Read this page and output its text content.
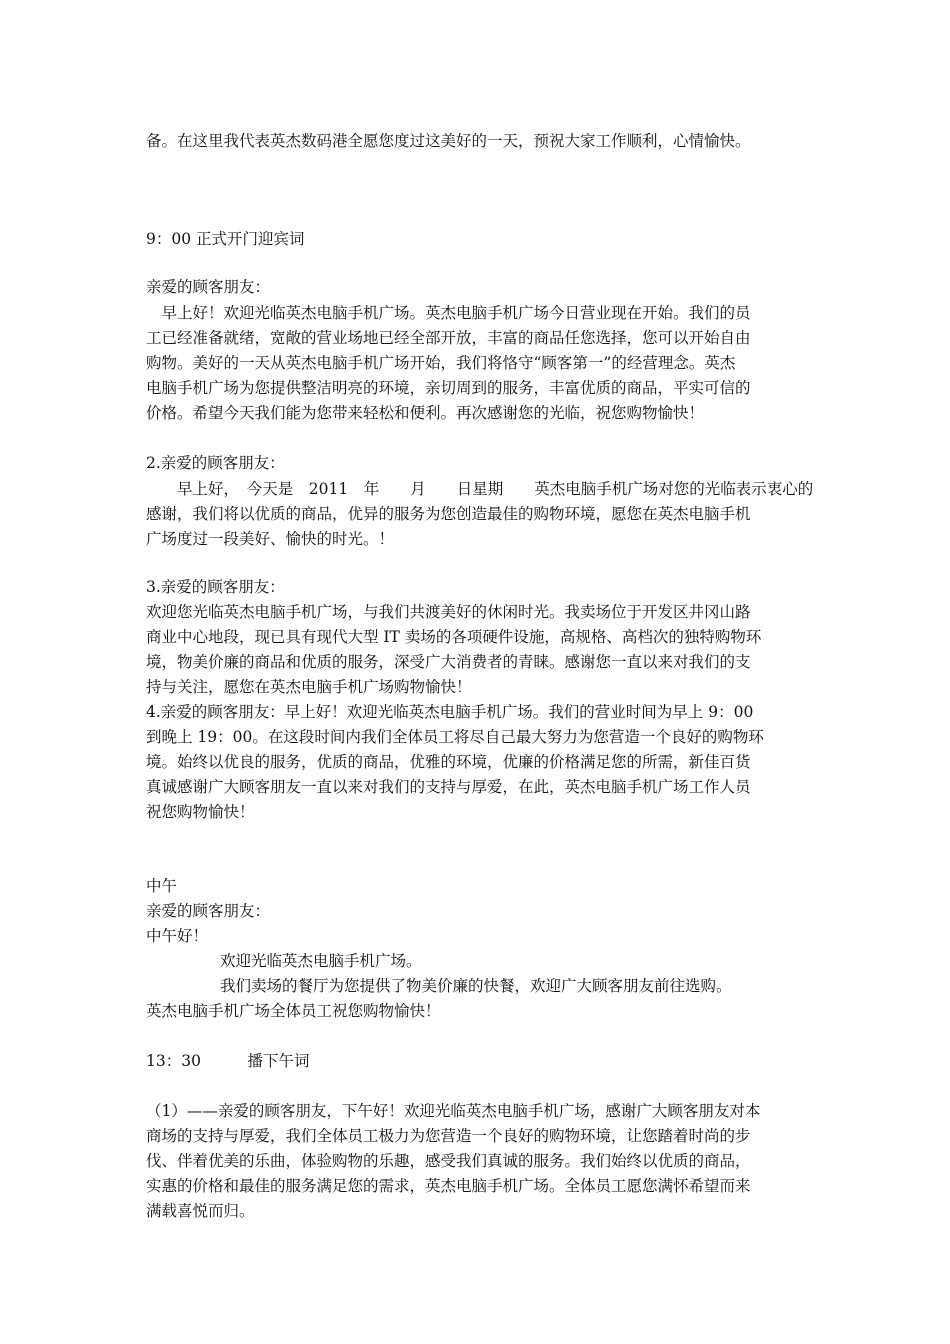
备。在这里我代表英杰数码港全愿您度过这美好的一天，预祝大家工作顺利，心情愉快。
9：00 正式开门迎宾词
亲爱的顾客朋友：
　早上好！欢迎光临英杰电脑手机广场。英杰电脑手机广场今日营业现在开始。我们的员
工已经准备就绪，宽敞的营业场地已经全部开放，丰富的商品任您选择，您可以开始自由
购物。美好的一天从英杰电脑手机广场开始，我们将恪守“顾客第一”的经营理念。英杰
电脑手机广场为您提供整洁明亮的环境，亲切周到的服务，丰富优质的商品，平实可信的
价格。希望今天我们能为您带来轻松和便利。再次感谢您的光临，祝您购物愉快！
2.亲爱的顾客朋友：
　　早上好，　今天是　2011　年　　月　　日星期　　英杰电脑手机广场对您的光临表示衷心的
感谢，我们将以优质的商品，优异的服务为您创造最佳的购物环境，愿您在英杰电脑手机
广场度过一段美好、愉快的时光。！
3.亲爱的顾客朋友：
欢迎您光临英杰电脑手机广场，与我们共渡美好的休闲时光。我卖场位于开发区井冈山路
商业中心地段，现已具有现代大型 IT 卖场的各项硬件设施，高规格、高档次的独特购物环
境，物美价廉的商品和优质的服务，深受广大消费者的青睐。感谢您一直以来对我们的支
持与关注，愿您在英杰电脑手机广场购物愉快！
4.亲爱的顾客朋友：早上好！欢迎光临英杰电脑手机广场。我们的营业时间为早上 9：00
到晚上 19：00。在这段时间内我们全体员工将尽自己最大努力为您营造一个良好的购物环
境。始终以优良的服务，优质的商品，优雅的环境，优廉的价格满足您的所需，新佳百货
真诚感谢广大顾客朋友一直以来对我们的支持与厚爱，在此，英杰电脑手机广场工作人员
祝您购物愉快！
中午
亲爱的顾客朋友：
中午好！
欢迎光临英杰电脑手机广场。
我们卖场的餐厅为您提供了物美价廉的快餐，欢迎广大顾客朋友前往选购。
英杰电脑手机广场全体员工祝您购物愉快！
13：30　　　播下午词
（1）——亲爱的顾客朋友，下午好！欢迎光临英杰电脑手机广场，感谢广大顾客朋友对本
商场的支持与厚爱，我们全体员工极力为您营造一个良好的购物环境，让您踏着时尚的步
伐、伴着优美的乐曲，体验购物的乐趣，感受我们真诚的服务。我们始终以优质的商品，
实惠的价格和最佳的服务满足您的需求，英杰电脑手机广场。全体员工愿您满怀希望而来
满载喜悦而归。
